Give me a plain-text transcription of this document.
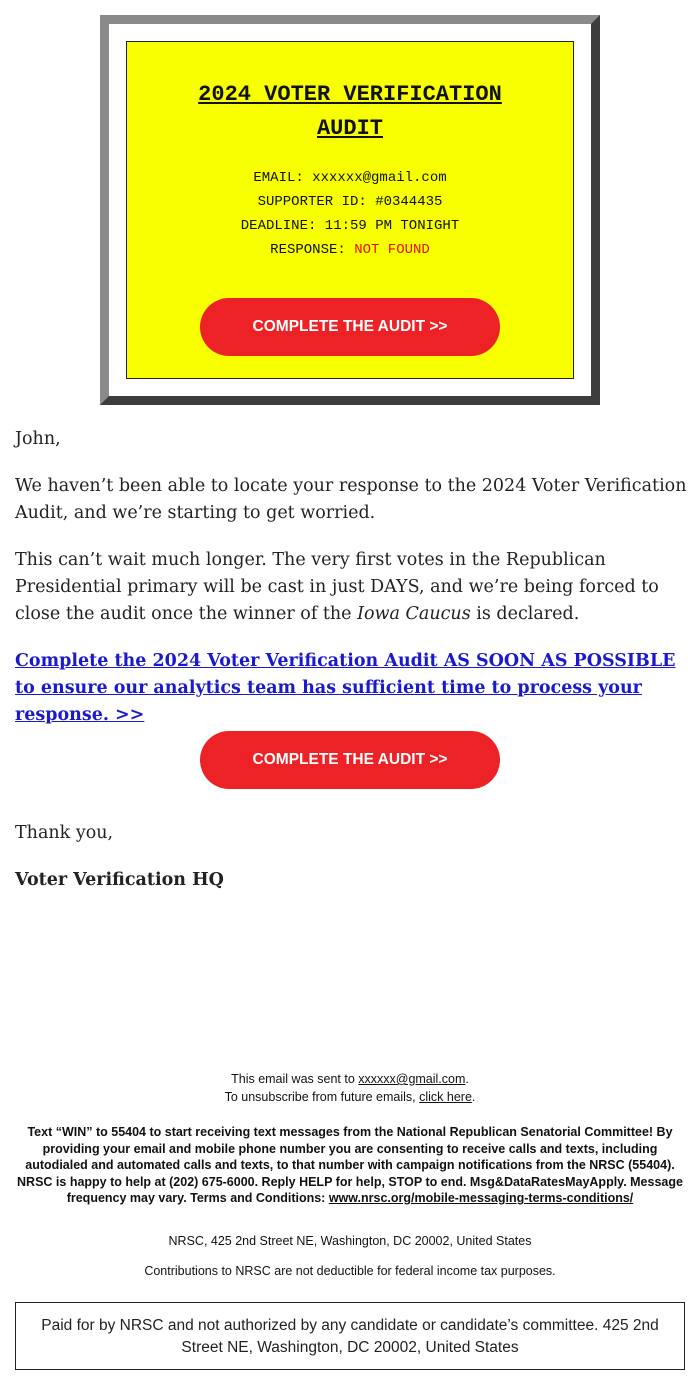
2024 VOTER VERIFICATION AUDIT
EMAIL: xxxxxx@gmail.com
SUPPORTER ID: #0344435
DEADLINE: 11:59 PM TONIGHT
RESPONSE: NOT FOUND
COMPLETE THE AUDIT >>

John,

We haven’t been able to locate your response to the 2024 Voter Verification Audit, and we’re starting to get worried.

This can’t wait much longer. The very first votes in the Republican Presidential primary will be cast in just DAYS, and we’re being forced to close the audit once the winner of the Iowa Caucus is declared.

Complete the 2024 Voter Verification Audit AS SOON AS POSSIBLE to ensure our analytics team has sufficient time to process your response. >>

COMPLETE THE AUDIT >>

Thank you,

Voter Verification HQ

This email was sent to xxxxxx@gmail.com.
To unsubscribe from future emails, click here.
Text “WIN” to 55404 to start receiving text messages from the National Republican Senatorial Committee! By providing your email and mobile phone number you are consenting to receive calls and texts, including autodialed and automated calls and texts, to that number with campaign notifications from the NRSC (55404). NRSC is happy to help at (202) 675-6000. Reply HELP for help, STOP to end. Msg&DataRatesMayApply. Message frequency may vary. Terms and Conditions: www.nrsc.org/mobile-messaging-terms-conditions/
NRSC, 425 2nd Street NE, Washington, DC 20002, United States
Contributions to NRSC are not deductible for federal income tax purposes.
Paid for by NRSC and not authorized by any candidate or candidate’s committee. 425 2nd Street NE, Washington, DC 20002, United States
